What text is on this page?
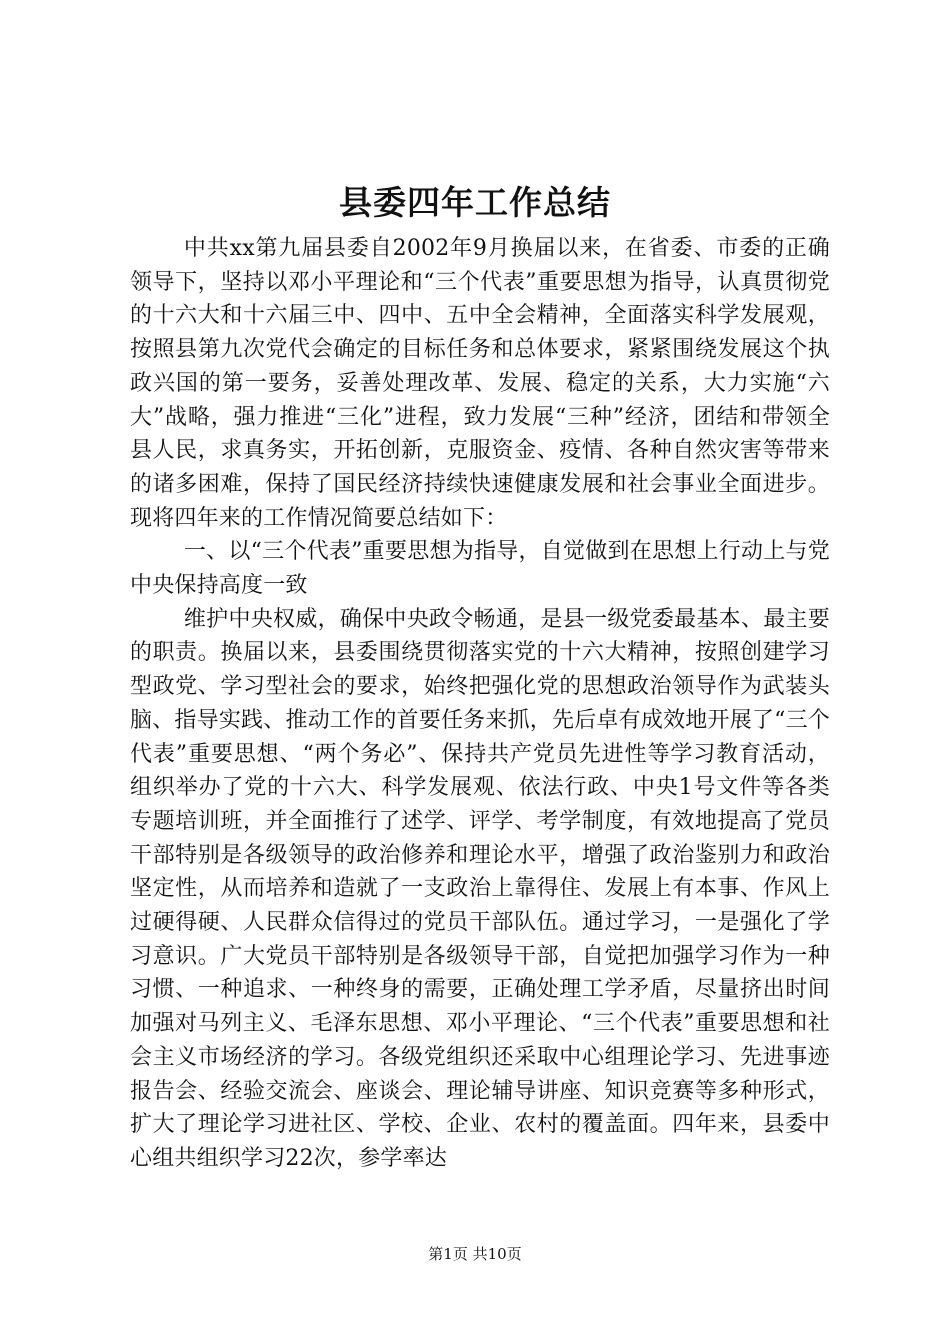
县委四年工作总结

中共xx第九届县委自2002年9月换届以来，在省委、市委的正确领导下，坚持以邓小平理论和“三个代表”重要思想为指导，认真贯彻党的十六大和十六届三中、四中、五中全会精神，全面落实科学发展观，按照县第九次党代会确定的目标任务和总体要求，紧紧围绕发展这个执政兴国的第一要务，妥善处理改革、发展、稳定的关系，大力实施“六大”战略，强力推进“三化”进程，致力发展“三种”经济，团结和带领全县人民，求真务实，开拓创新，克服资金、疫情、各种自然灾害等带来的诸多困难，保持了国民经济持续快速健康发展和社会事业全面进步。现将四年来的工作情况简要总结如下：

一、以“三个代表”重要思想为指导，自觉做到在思想上行动上与党中央保持高度一致

维护中央权威，确保中央政令畅通，是县一级党委最基本、最主要的职责。换届以来，县委围绕贯彻落实党的十六大精神，按照创建学习型政党、学习型社会的要求，始终把强化党的思想政治领导作为武装头脑、指导实践、推动工作的首要任务来抓，先后卓有成效地开展了“三个代表”重要思想、“两个务必”、保持共产党员先进性等学习教育活动，组织举办了党的十六大、科学发展观、依法行政、中央1号文件等各类专题培训班，并全面推行了述学、评学、考学制度，有效地提高了党员干部特别是各级领导的政治修养和理论水平，增强了政治鉴别力和政治坚定性，从而培养和造就了一支政治上靠得住、发展上有本事、作风上过硬得硬、人民群众信得过的党员干部队伍。通过学习，一是强化了学习意识。广大党员干部特别是各级领导干部，自觉把加强学习作为一种习惯、一种追求、一种终身的需要，正确处理工学矛盾，尽量挤出时间加强对马列主义、毛泽东思想、邓小平理论、“三个代表”重要思想和社会主义市场经济的学习。各级党组织还采取中心组理论学习、先进事迹报告会、经验交流会、座谈会、理论辅导讲座、知识竞赛等多种形式，扩大了理论学习进社区、学校、企业、农村的覆盖面。四年来，县委中心组共组织学习22次，参学率达

第1页 共10页
